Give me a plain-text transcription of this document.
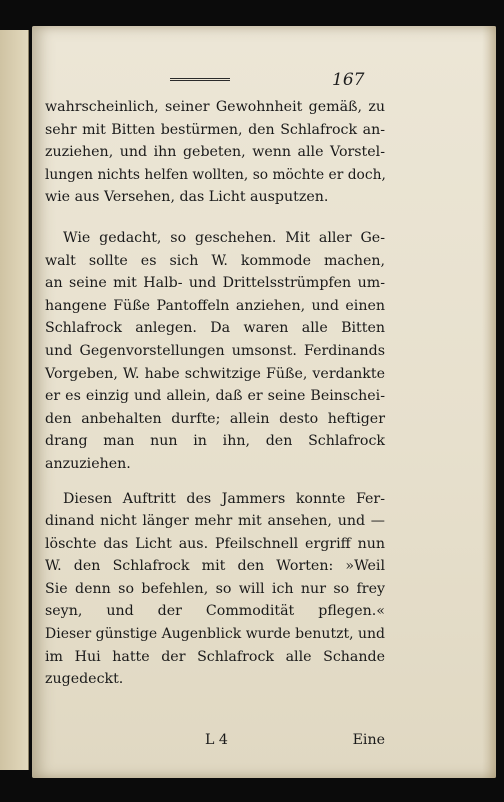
167
wahrscheinlich, seiner Gewohnheit gemäß, zu
sehr mit Bitten bestürmen, den Schlafrock an-
zuziehen, und ihn gebeten, wenn alle Vorstel-
lungen nichts helfen wollten, so möchte er doch,
wie aus Versehen, das Licht ausputzen.
Wie gedacht, so geschehen. Mit aller Ge-
walt sollte es sich W. kommode machen,
an seine mit Halb- und Drittelsstrümpfen um-
hangene Füße Pantoffeln anziehen, und einen
Schlafrock anlegen. Da waren alle Bitten
und Gegenvorstellungen umsonst. Ferdinands
Vorgeben, W. habe schwitzige Füße, verdankte
er es einzig und allein, daß er seine Beinschei-
den anbehalten durfte; allein desto heftiger
drang man nun in ihn, den Schlafrock
anzuziehen.
Diesen Auftritt des Jammers konnte Fer-
dinand nicht länger mehr mit ansehen, und —
löschte das Licht aus. Pfeilschnell ergriff nun
W. den Schlafrock mit den Worten: »Weil
Sie denn so befehlen, so will ich nur so frey
seyn, und der Commodität pflegen.«
Dieser günstige Augenblick wurde benutzt, und
im Hui hatte der Schlafrock alle Schande
zugedeckt.
L 4	Eine
